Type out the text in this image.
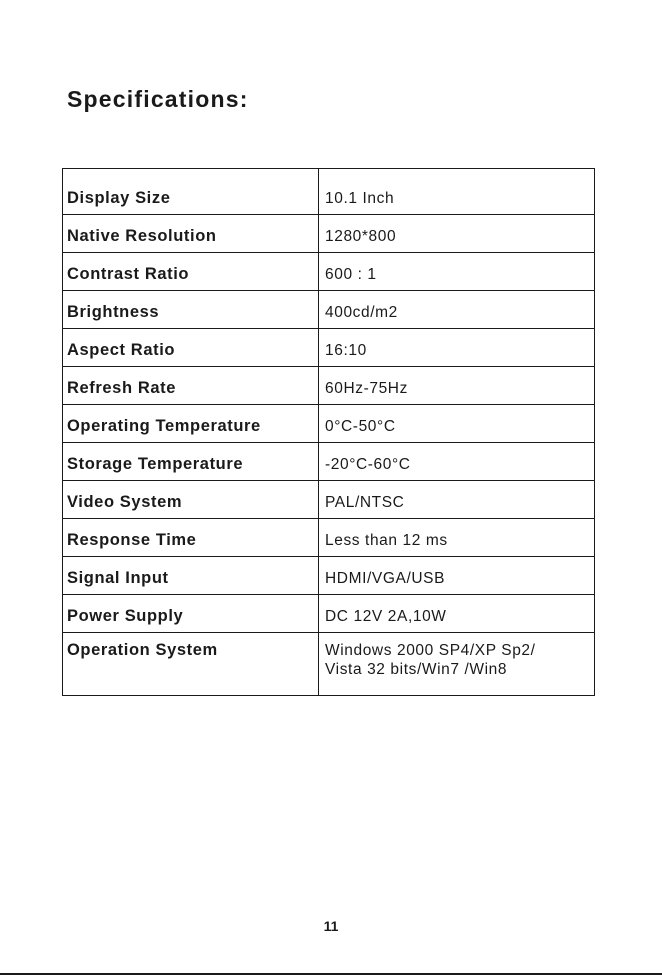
Specifications:
Display Size	10.1 Inch
Native Resolution	1280*800
Contrast Ratio	600 : 1
Brightness	400cd/m2
Aspect Ratio	16:10
Refresh Rate	60Hz-75Hz
Operating Temperature	0°C-50°C
Storage Temperature	-20°C-60°C
Video System	PAL/NTSC
Response Time	Less than 12 ms
Signal Input	HDMI/VGA/USB
Power Supply	DC 12V 2A,10W
Operation System	Windows 2000 SP4/XP Sp2/
Vista 32 bits/Win7 /Win8
11
